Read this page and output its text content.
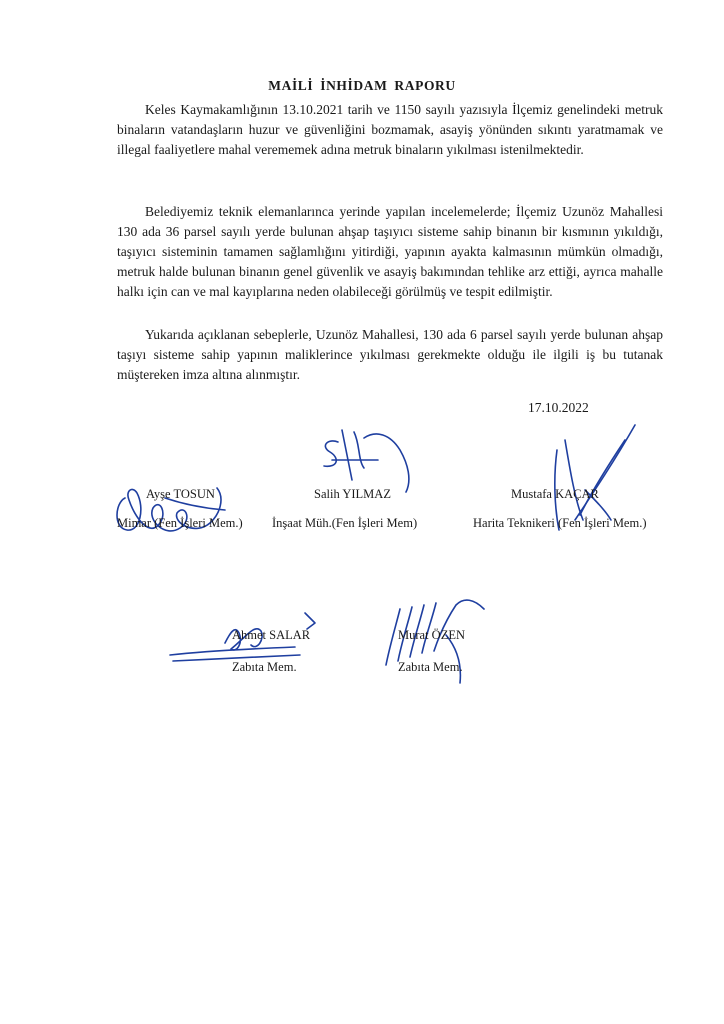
MAİLİ İNHİDAM RAPORU

Keles Kaymakamlığının 13.10.2021 tarih ve 1150 sayılı yazısıyla İlçemiz genelindeki metruk binaların vatandaşların huzur ve güvenliğini bozmamak, asayiş yönünden sıkıntı yaratmamak ve illegal faaliyetlere mahal verememek adına metruk binaların yıkılması istenilmektedir.

Belediyemiz teknik elemanlarınca yerinde yapılan incelemelerde; İlçemiz Uzunöz Mahallesi 130 ada 36 parsel sayılı yerde bulunan ahşap taşıyıcı sisteme sahip binanın bir kısmının yıkıldığı, taşıyıcı sisteminin tamamen sağlamlığını yitirdiği, yapının ayakta kalmasının mümkün olmadığı, metruk halde bulunan binanın genel güvenlik ve asayiş bakımından tehlike arz ettiği, ayrıca mahalle halkı için can ve mal kayıplarına neden olabileceği görülmüş ve tespit edilmiştir.

Yukarıda açıklanan sebeplerle, Uzunöz Mahallesi, 130 ada 6 parsel sayılı yerde bulunan ahşap taşıyı sisteme sahip yapının maliklerince yıkılması gerekmekte olduğu ile ilgili iş bu tutanak müştereken imza altına alınmıştır.

17.10.2022
Ayşe TOSUN
Mimar (Fen İşleri Mem.)
Salih YILMAZ
İnşaat Müh.(Fen İşleri Mem)
Mustafa KAÇAR
Harita Teknikeri (Fen İşleri Mem.)
Ahmet SALAR
Zabıta Mem.
Murat ÖZEN
Zabıta Mem.
